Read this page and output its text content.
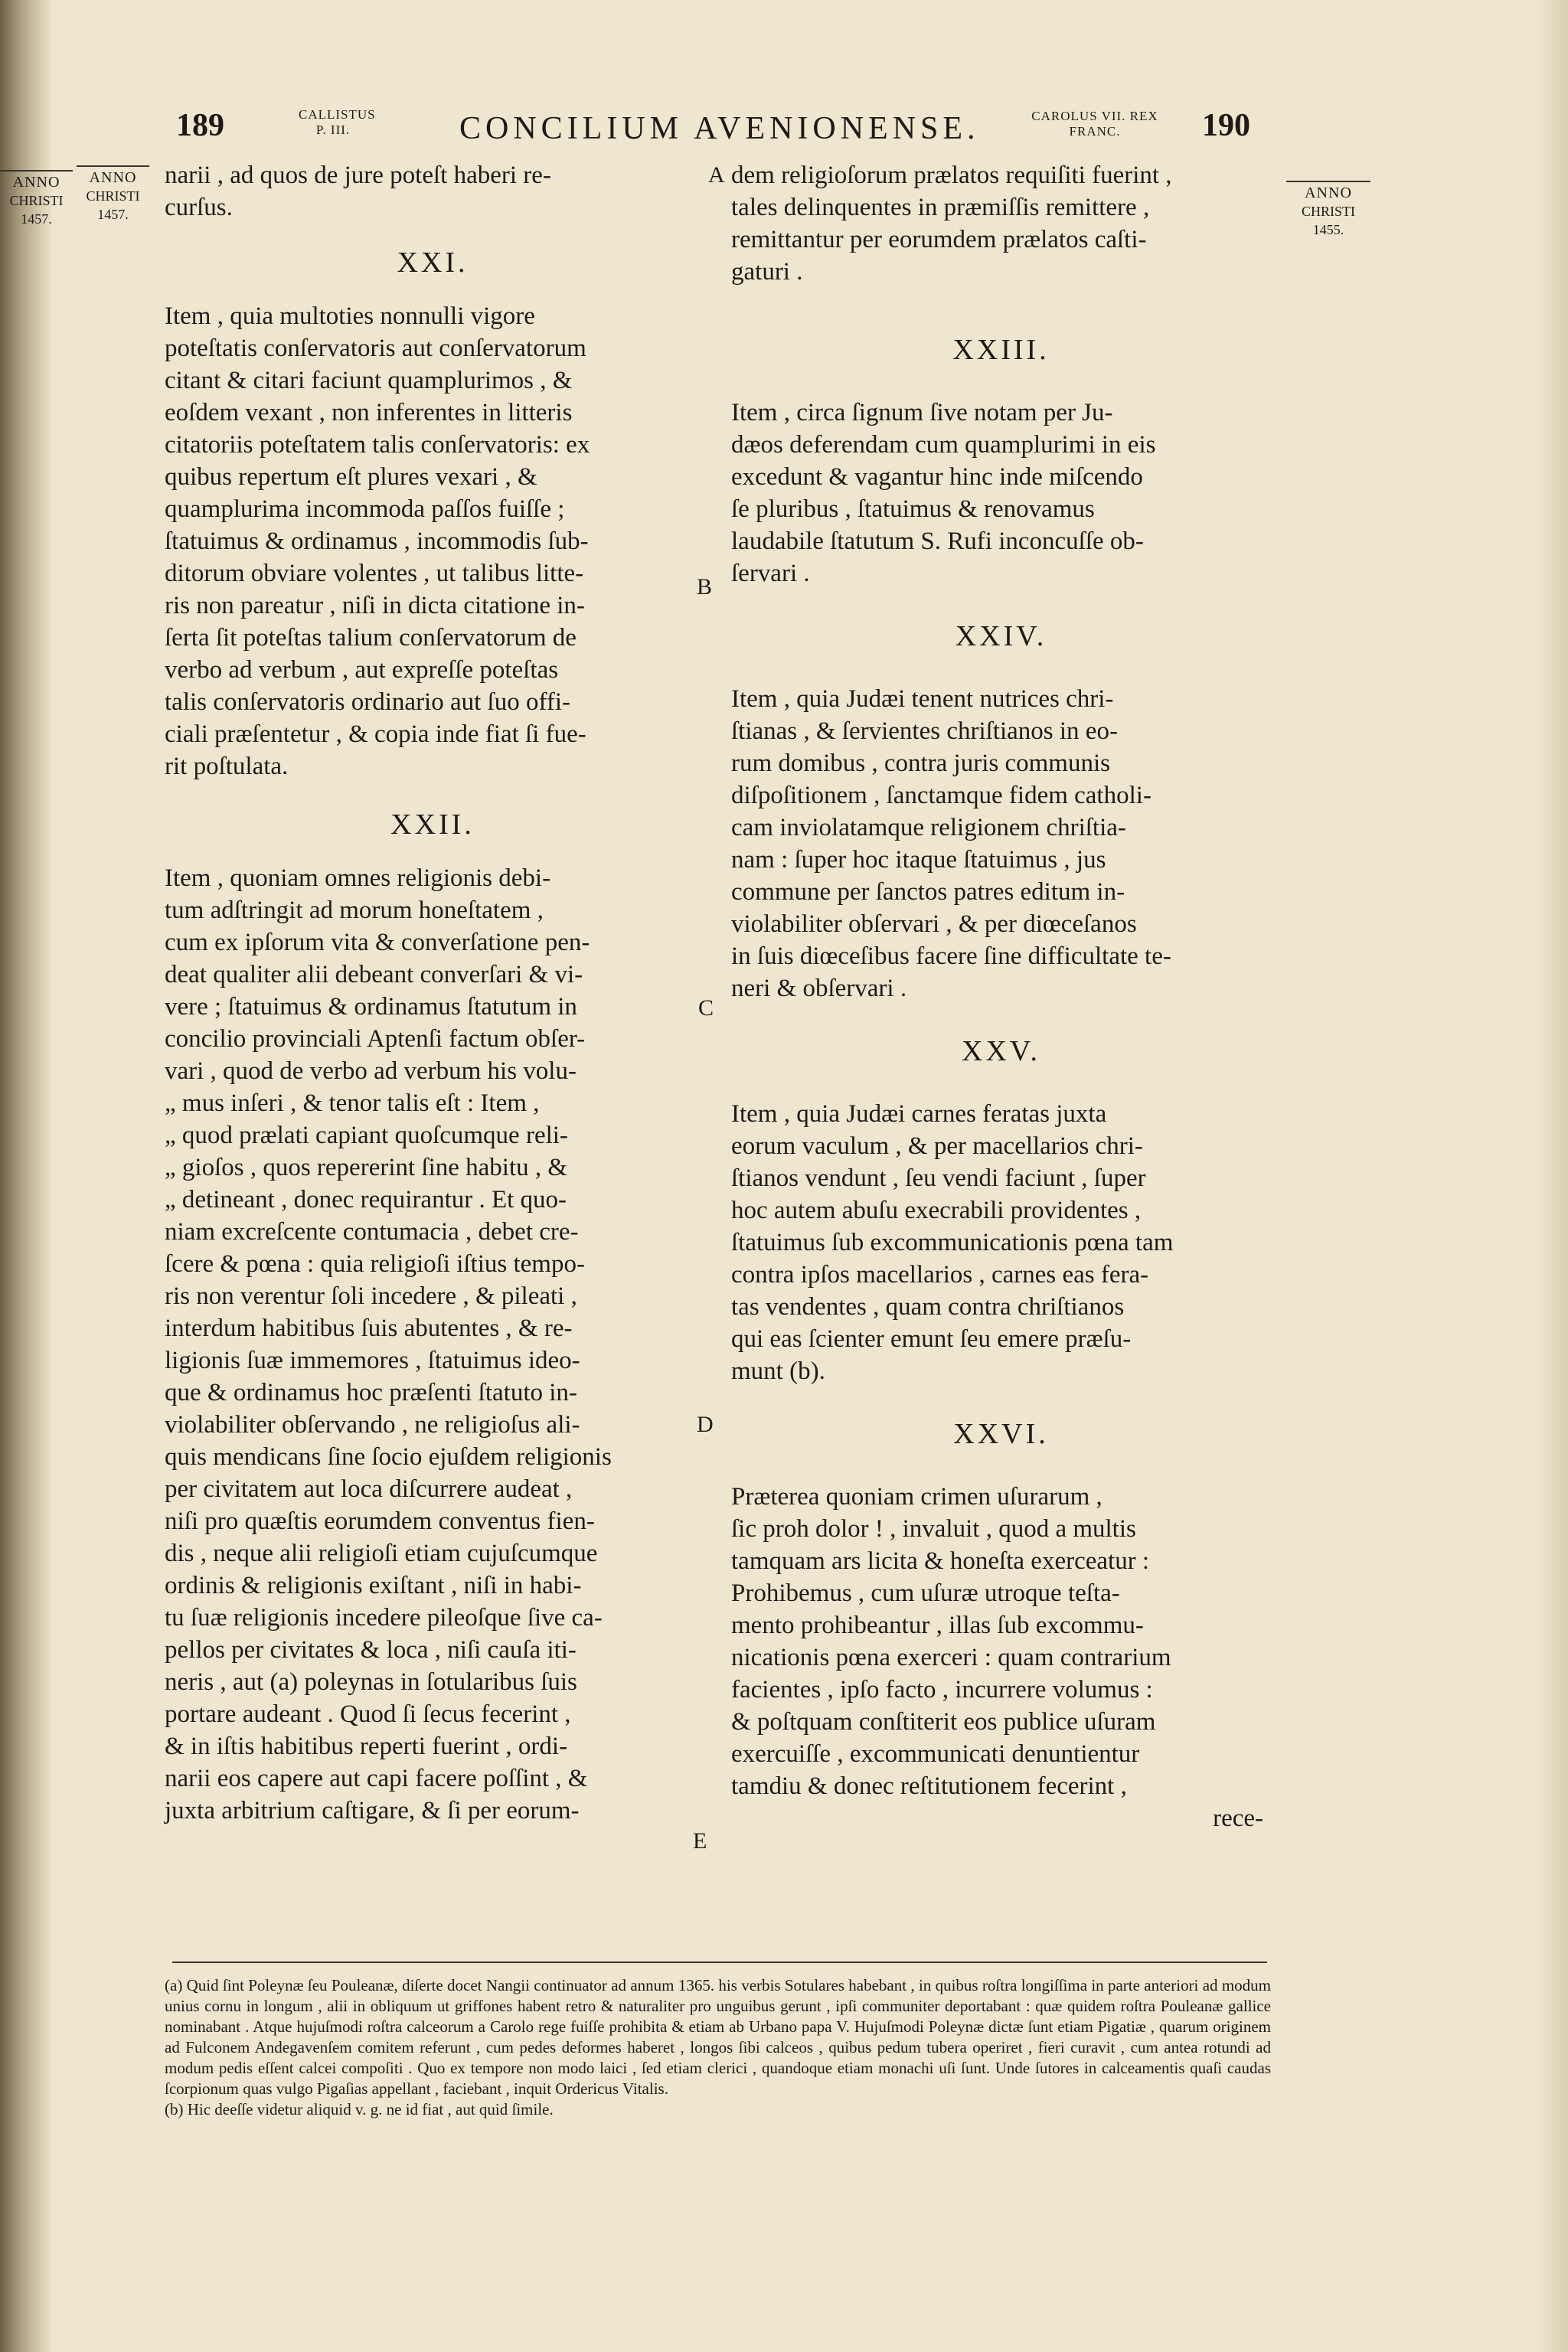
189	CALLISTUS P. III.	CONCILIUM AVENIONENSE.	CAROLUS VII. REX FRANC.	190
ANNO
CHRISTI
1457.
ANNO
CHRISTI
1457.
ANNO
CHRISTI
1455.
A
B
C
D
E

narii , ad quos de jure poteſt haberi re-
curſus.

XXI.

Item , quia multoties nonnulli vigore
poteſtatis conſervatoris aut conſervatorum
citant & citari faciunt quamplurimos , &
eoſdem vexant , non inferentes in litteris
citatoriis poteſtatem talis conſervatoris: ex
quibus repertum eſt plures vexari , &
quamplurima incommoda paſſos fuiſſe ;
ſtatuimus & ordinamus , incommodis ſub-
ditorum obviare volentes , ut talibus litte-
ris non pareatur , niſi in dicta citatione in-
ſerta ſit poteſtas talium conſervatorum de
verbo ad verbum , aut expreſſe poteſtas
talis conſervatoris ordinario aut ſuo offi-
ciali præſentetur , & copia inde fiat ſi fue-
rit poſtulata.

XXII.

Item , quoniam omnes religionis debi-
tum adſtringit ad morum honeſtatem ,
cum ex ipſorum vita & converſatione pen-
deat qualiter alii debeant converſari & vi-
vere ; ſtatuimus & ordinamus ſtatutum in
concilio provinciali Aptenſi factum obſer-
vari , quod de verbo ad verbum his volu-
„ mus inſeri , & tenor talis eſt : Item ,
„ quod prælati capiant quoſcumque reli-
„ gioſos , quos repererint ſine habitu , &
„ detineant , donec requirantur . Et quo-
niam excreſcente contumacia , debet cre-
ſcere & pœna : quia religioſi iſtius tempo-
ris non verentur ſoli incedere , & pileati ,
interdum habitibus ſuis abutentes , & re-
ligionis ſuæ immemores , ſtatuimus ideo-
que & ordinamus hoc præſenti ſtatuto in-
violabiliter obſervando , ne religioſus ali-
quis mendicans ſine ſocio ejuſdem religionis
per civitatem aut loca diſcurrere audeat ,
niſi pro quæſtis eorumdem conventus fien-
dis , neque alii religioſi etiam cujuſcumque
ordinis & religionis exiſtant , niſi in habi-
tu ſuæ religionis incedere pileoſque ſive ca-
pellos per civitates & loca , niſi cauſa iti-
neris , aut (a) poleynas in ſotularibus ſuis
portare audeant . Quod ſi ſecus fecerint ,
& in iſtis habitibus reperti fuerint , ordi-
narii eos capere aut capi facere poſſint , &
juxta arbitrium caſtigare, & ſi per eorum-

dem religioſorum prælatos requiſiti fuerint ,
tales delinquentes in præmiſſis remittere ,
remittantur per eorumdem prælatos caſti-
gaturi .

XXIII.

Item , circa ſignum ſive notam per Ju-
dæos deferendam cum quamplurimi in eis
excedunt & vagantur hinc inde miſcendo
ſe pluribus , ſtatuimus & renovamus
laudabile ſtatutum S. Rufi inconcuſſe ob-
ſervari .

XXIV.

Item , quia Judæi tenent nutrices chri-
ſtianas , & ſervientes chriſtianos in eo-
rum domibus , contra juris communis
diſpoſitionem , ſanctamque fidem catholi-
cam inviolatamque religionem chriſtia-
nam : ſuper hoc itaque ſtatuimus , jus
commune per ſanctos patres editum in-
violabiliter obſervari , & per diœceſanos
in ſuis diœceſibus facere ſine difficultate te-
neri & obſervari .

XXV.

Item , quia Judæi carnes feratas juxta
eorum vaculum , & per macellarios chri-
ſtianos vendunt , ſeu vendi faciunt , ſuper
hoc autem abuſu execrabili providentes ,
ſtatuimus ſub excommunicationis pœna tam
contra ipſos macellarios , carnes eas fera-
tas vendentes , quam contra chriſtianos
qui eas ſcienter emunt ſeu emere præſu-
munt (b).

XXVI.

Præterea quoniam crimen uſurarum ,
ſic proh dolor ! , invaluit , quod a multis
tamquam ars licita & honeſta exerceatur :
Prohibemus , cum uſuræ utroque teſta-
mento prohibeantur , illas ſub excommu-
nicationis pœna exerceri : quam contrarium
facientes , ipſo facto , incurrere volumus :
& poſtquam conſtiterit eos publice uſuram
exercuiſſe , excommunicati denuntientur
tamdiu & donec reſtitutionem fecerint ,

rece-

(a) Quid ſint Poleynæ ſeu Pouleanæ, diſerte docet Nangii continuator ad annum 1365. his verbis Sotulares habebant , in quibus roſtra longiſſima in parte anteriori ad modum unius cornu in longum , alii in obliquum ut griffones habent retro & naturaliter pro unguibus gerunt , ipſi communiter deportabant : quæ quidem roſtra Pouleanæ gallice nominabant . Atque hujuſmodi roſtra calceorum a Carolo rege fuiſſe prohibita & etiam ab Urbano papa V. Hujuſmodi Poleynæ dictæ ſunt etiam Pigatiæ , quarum originem ad Fulconem Andegavenſem comitem referunt , cum pedes deformes haberet , longos ſibi calceos , quibus pedum tubera operiret , fieri curavit , cum antea rotundi ad modum pedis eſſent calcei compoſiti . Quo ex tempore non modo laici , ſed etiam clerici , quandoque etiam monachi uſi ſunt. Unde ſutores in calceamentis quaſi caudas ſcorpionum quas vulgo Pigaſias appellant , faciebant , inquit Ordericus Vitalis.

(b) Hic deeſſe videtur aliquid v. g. ne id fiat , aut quid ſimile.
